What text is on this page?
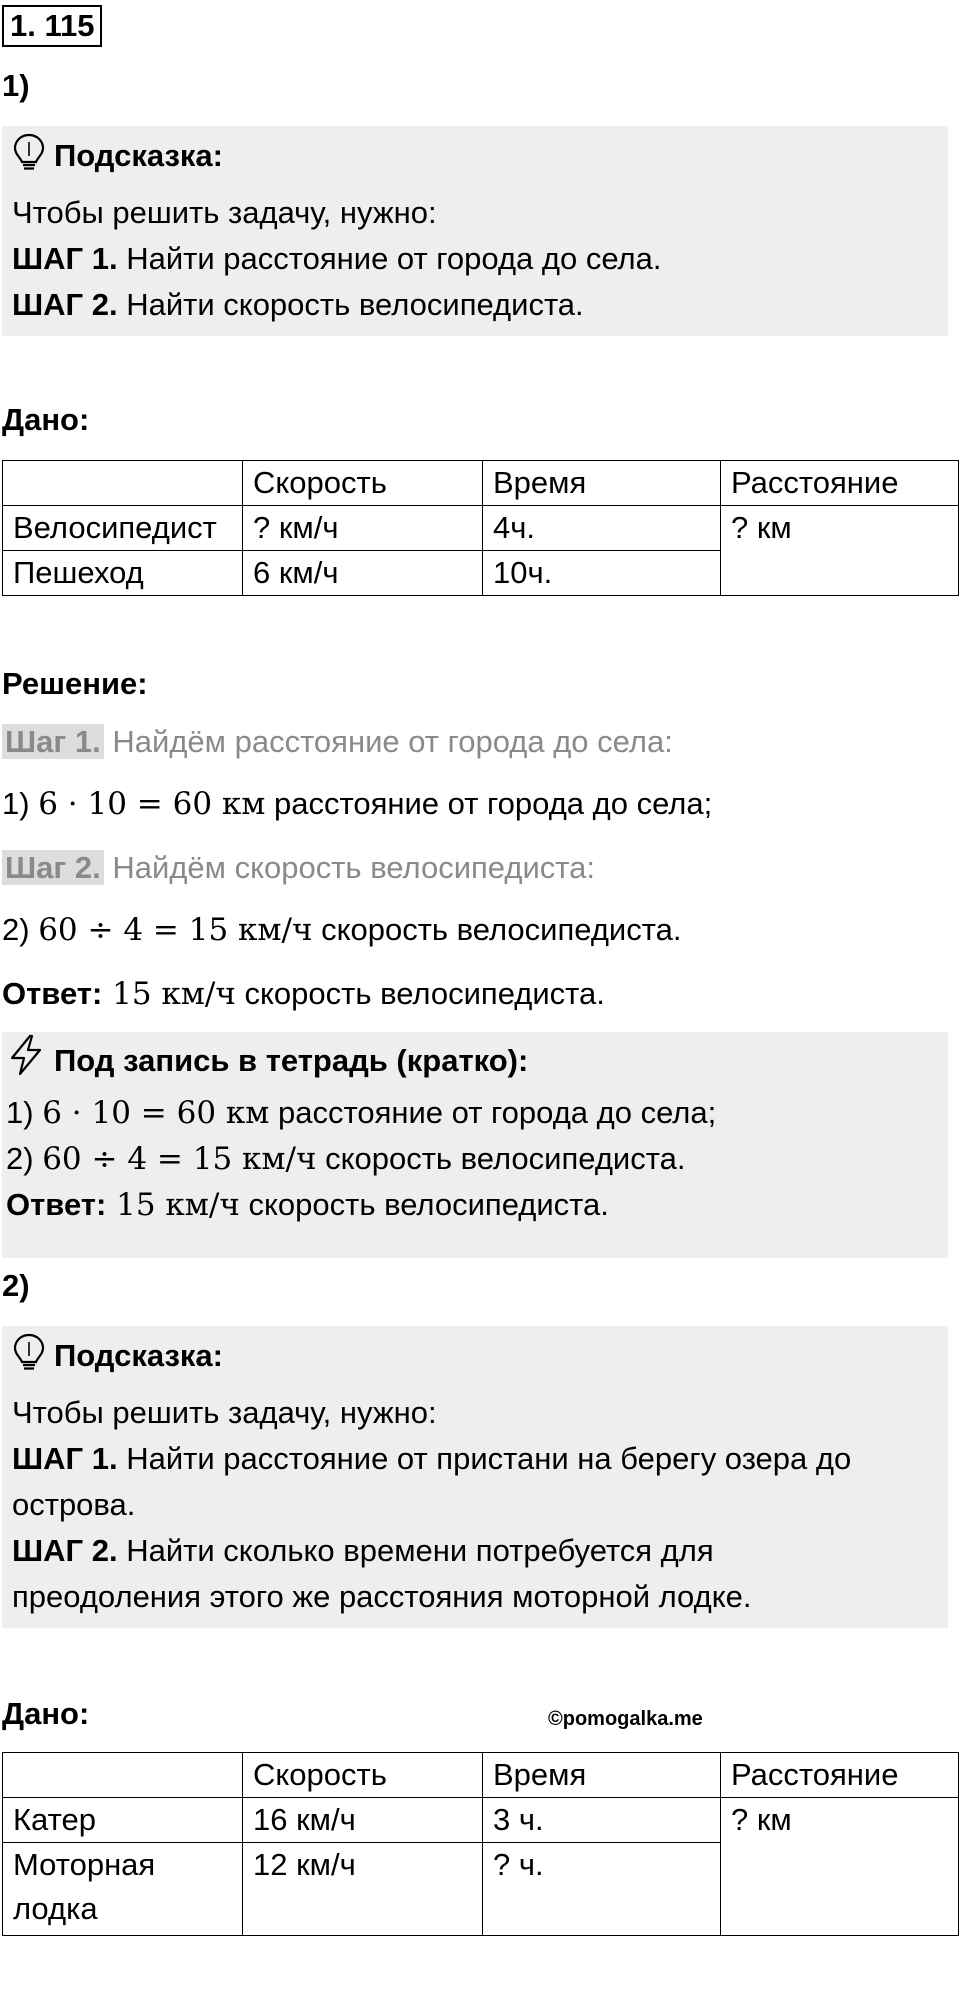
1. 115
1)
Подсказка:
Чтобы решить задачу, нужно:
ШАГ 1. Найти расстояние от города до села.
ШАГ 2. Найти скорость велосипедиста.
Дано:
	Скорость	Время	Расстояние
Велосипедист	? км/ч	4ч.	? км
Пешеход	6 км/ч	10ч.	
Решение:
Шаг 1. Найдём расстояние от города до села:
1) 6 · 10 = 60 км расстояние от города до села;
Шаг 2. Найдём скорость велосипедиста:
2) 60 ÷ 4 = 15 км/ч скорость велосипедиста.
Ответ: 15 км/ч скорость велосипедиста.
Под запись в тетрадь (кратко):
1) 6 · 10 = 60 км расстояние от города до села;
2) 60 ÷ 4 = 15 км/ч скорость велосипедиста.
Ответ: 15 км/ч скорость велосипедиста.
2)
Подсказка:
Чтобы решить задачу, нужно:
ШАГ 1. Найти расстояние от пристани на берегу озера до
острова.
ШАГ 2. Найти сколько времени потребуется для
преодоления этого же расстояния моторной лодке.
Дано:	©pomogalka.me
	Скорость	Время	Расстояние
Катер	16 км/ч	3 ч.	? км

Моторная
лодка	12 км/ч	? ч.	
